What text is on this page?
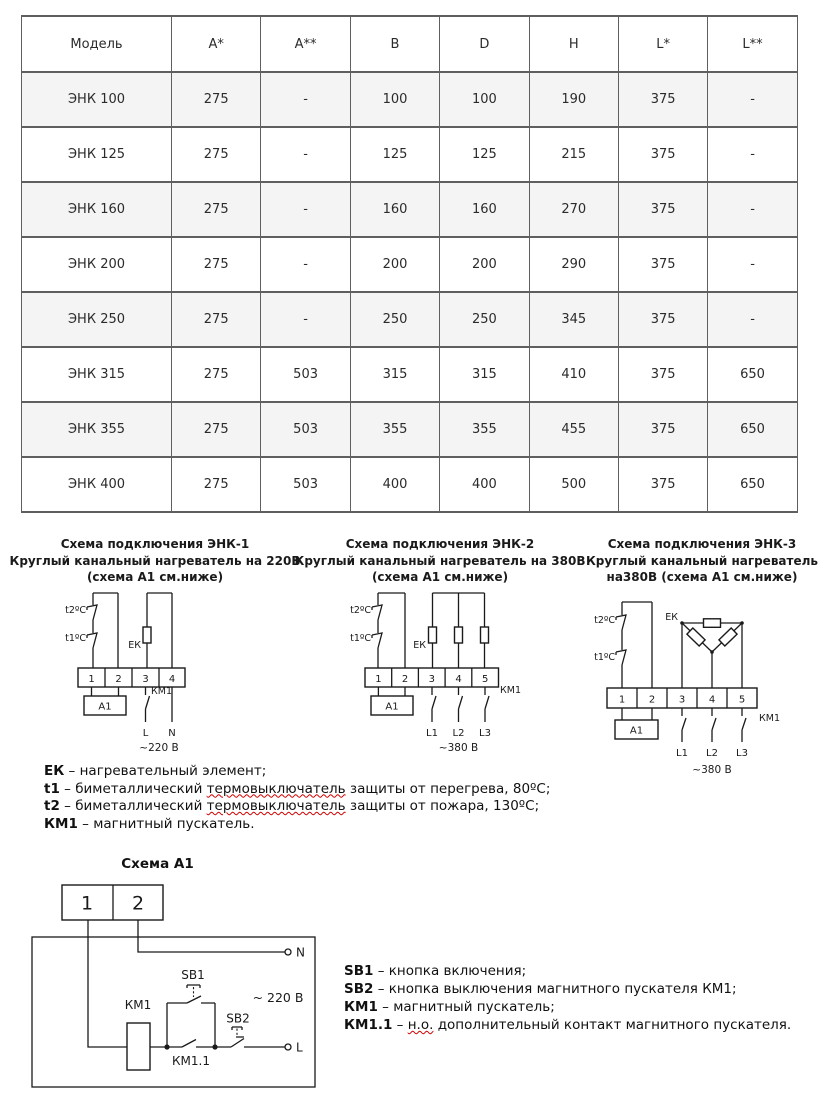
Модель	A*	A**	B	D	H	L*	L**
ЭНК 100	275	-	100	100	190	375	-
ЭНК 125	275	-	125	125	215	375	-
ЭНК 160	275	-	160	160	270	375	-
ЭНК 200	275	-	200	200	290	375	-
ЭНК 250	275	-	250	250	345	375	-
ЭНК 315	275	503	315	315	410	375	650
ЭНК 355	275	503	355	355	455	375	650
ЭНК 400	275	503	400	400	500	375	650
Схема подключения ЭНК-1
Круглый канальный нагреватель на 220В
(схема А1 см.ниже)
t2ºC
t1ºC
ЕК
1 2 3 4
А1
КМ1
L N
~220 В
Схема подключения ЭНК-2
Круглый канальный нагреватель на 380В
(схема А1 см.ниже)
t2ºC
t1ºC
ЕК
1 2 3 4 5
А1
КМ1
L1 L2 L3
~380 В
Схема подключения ЭНК-3
Круглый канальный нагреватель
на380В (схема А1 см.ниже)
t2ºC
t1ºC
ЕК
1 2 3 4 5
А1
КМ1
L1 L2 L3
~380 В
ЕК – нагревательный элемент;
t1 – биметаллический термовыключатель защиты от перегрева, 80ºС;
t2 – биметаллический термовыключатель защиты от пожара, 130ºС;
КМ1 – магнитный пускатель.
Схема А1
1 2
N
L
КМ1
SB1
SB2
КМ1.1
~ 220 В
SB1 – кнопка включения;
SB2 – кнопка выключения магнитного пускателя КМ1;
КМ1 – магнитный пускатель;
КМ1.1 – н.о. дополнительный контакт магнитного пускателя.
